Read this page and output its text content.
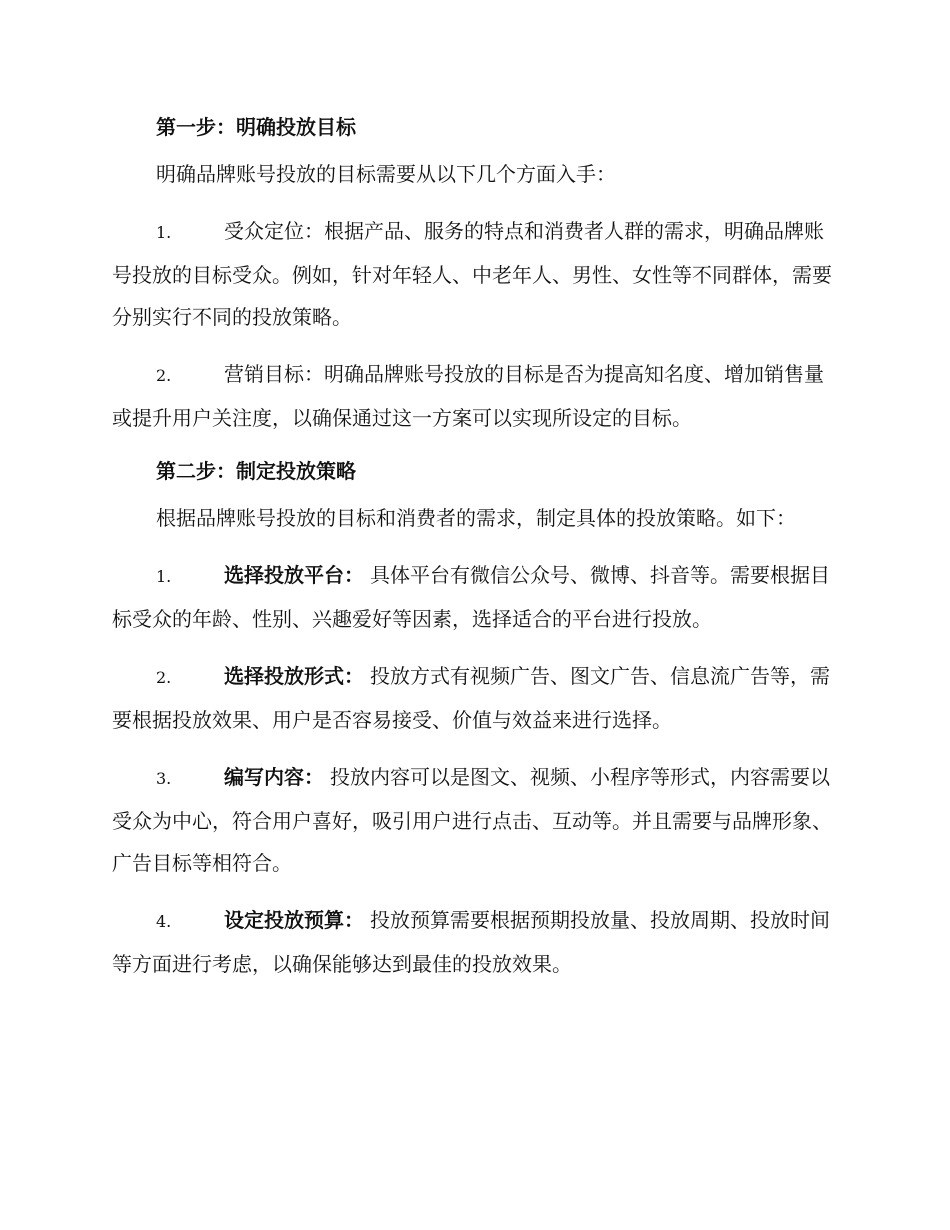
第一步：明确投放目标

明确品牌账号投放的目标需要从以下几个方面入手：

1.	受众定位：根据产品、服务的特点和消费者人群的需求，明确品牌账号投放的目标受众。例如，针对年轻人、中老年人、男性、女性等不同群体，需要分别实行不同的投放策略。

2.	营销目标：明确品牌账号投放的目标是否为提高知名度、增加销售量或提升用户关注度，以确保通过这一方案可以实现所设定的目标。

第二步：制定投放策略

根据品牌账号投放的目标和消费者的需求，制定具体的投放策略。如下：

1.	选择投放平台： 具体平台有微信公众号、微博、抖音等。需要根据目标受众的年龄、性别、兴趣爱好等因素，选择适合的平台进行投放。

2.	选择投放形式： 投放方式有视频广告、图文广告、信息流广告等，需要根据投放效果、用户是否容易接受、价值与效益来进行选择。

3.	编写内容： 投放内容可以是图文、视频、小程序等形式，内容需要以受众为中心，符合用户喜好，吸引用户进行点击、互动等。并且需要与品牌形象、广告目标等相符合。

4.	设定投放预算： 投放预算需要根据预期投放量、投放周期、投放时间等方面进行考虑，以确保能够达到最佳的投放效果。
